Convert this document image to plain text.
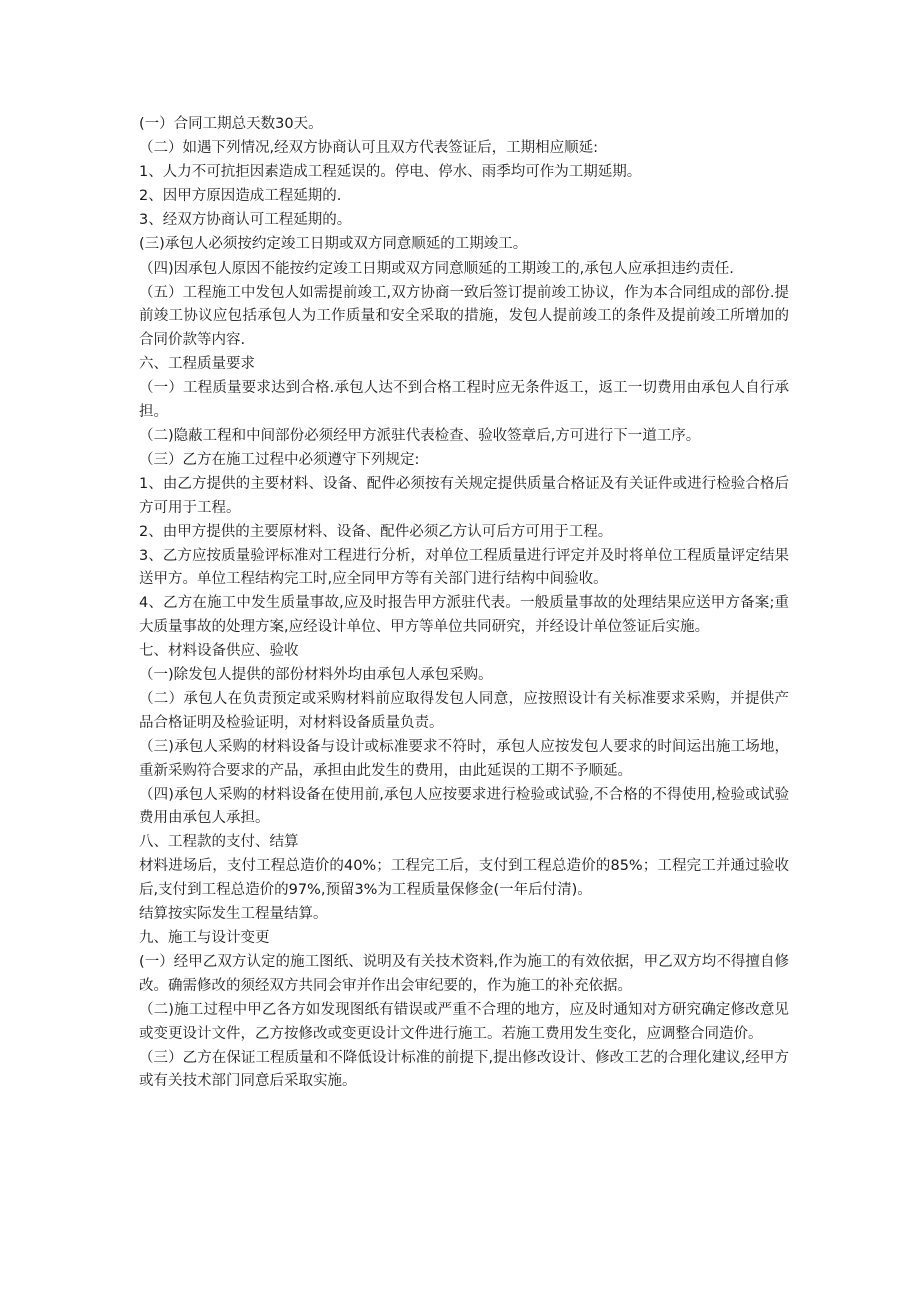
(一）合同工期总天数30天。

（二）如遇下列情况,经双方协商认可且双方代表签证后，工期相应顺延:

1、人力不可抗拒因素造成工程延误的。停电、停水、雨季均可作为工期延期。

2、因甲方原因造成工程延期的.

3、经双方协商认可工程延期的。

(三)承包人必须按约定竣工日期或双方同意顺延的工期竣工。

（四)因承包人原因不能按约定竣工日期或双方同意顺延的工期竣工的,承包人应承担违约责任.

（五）工程施工中发包人如需提前竣工,双方协商一致后签订提前竣工协议，作为本合同组成的部份.提前竣工协议应包括承包人为工作质量和安全采取的措施，发包人提前竣工的条件及提前竣工所增加的合同价款等内容.

六、工程质量要求

（一）工程质量要求达到合格.承包人达不到合格工程时应无条件返工，返工一切费用由承包人自行承担。

（二)隐蔽工程和中间部份必须经甲方派驻代表检查、验收签章后,方可进行下一道工序。

（三）乙方在施工过程中必须遵守下列规定:

1、由乙方提供的主要材料、设备、配件必须按有关规定提供质量合格证及有关证件或进行检验合格后方可用于工程。

2、由甲方提供的主要原材料、设备、配件必须乙方认可后方可用于工程。

3、乙方应按质量验评标准对工程进行分析，对单位工程质量进行评定并及时将单位工程质量评定结果送甲方。单位工程结构完工时,应全同甲方等有关部门进行结构中间验收。

4、乙方在施工中发生质量事故,应及时报告甲方派驻代表。一般质量事故的处理结果应送甲方备案;重大质量事故的处理方案,应经设计单位、甲方等单位共同研究，并经设计单位签证后实施。

七、材料设备供应、验收

（一)除发包人提供的部份材料外均由承包人承包采购。

（二）承包人在负责预定或采购材料前应取得发包人同意，应按照设计有关标准要求采购，并提供产品合格证明及检验证明，对材料设备质量负责。

（三)承包人采购的材料设备与设计或标准要求不符时，承包人应按发包人要求的时间运出施工场地，重新采购符合要求的产品，承担由此发生的费用，由此延误的工期不予顺延。

（四)承包人采购的材料设备在使用前,承包人应按要求进行检验或试验,不合格的不得使用,检验或试验费用由承包人承担。

八、工程款的支付、结算

材料进场后，支付工程总造价的40%；工程完工后，支付到工程总造价的85%；工程完工并通过验收后,支付到工程总造价的97%,预留3%为工程质量保修金(一年后付清)。

结算按实际发生工程量结算。

九、施工与设计变更

(一）经甲乙双方认定的施工图纸、说明及有关技术资料,作为施工的有效依据，甲乙双方均不得擅自修改。确需修改的须经双方共同会审并作出会审纪要的，作为施工的补充依据。

（二)施工过程中甲乙各方如发现图纸有错误或严重不合理的地方，应及时通知对方研究确定修改意见或变更设计文件，乙方按修改或变更设计文件进行施工。若施工费用发生变化，应调整合同造价。

（三）乙方在保证工程质量和不降低设计标准的前提下,提出修改设计、修改工艺的合理化建议,经甲方或有关技术部门同意后采取实施。
